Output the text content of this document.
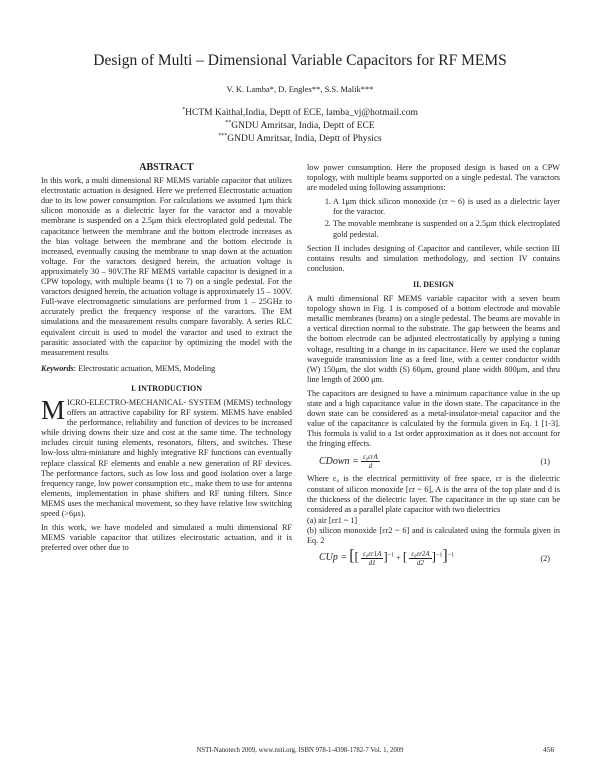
Design of Multi – Dimensional Variable Capacitors for RF MEMS
V. K. Lamba*, D. Engles**, S.S. Malik***
*HCTM Kaithal,India, Deptt of ECE, lamba_vj@hotmail.com
**GNDU Amritsar, India, Deptt of ECE
***GNDU Amritsar, India, Deptt of Physics
ABSTRACT

In this work, a multi dimensional RF MEMS variable capacitor that utilizes electrostatic actuation is designed. Here we preferred Electrostatic actuation due to its low power consumption. For calculations we assumed 1μm thick silicon monoxide as a dielectric layer for the varactor and a movable membrane is suspended on a 2.5μm thick electroplated gold pedestal. The capacitance between the membrane and the bottom electrode increases as the bias voltage between the membrane and the bottom electrode is increased, eventually causing the membrane to snap down at the actuation voltage. For the varactors designed herein, the actuation voltage is approximately 30 – 90V.The RF MEMS variable capacitor is designed in a CPW topology, with multiple beams (1 to 7) on a single pedestal. For the varactors designed herein, the actuation voltage is approximately 15 – 100V. Full-wave electromagnetic simulations are performed from 1 – 25GHz to accurately predict the frequency response of the varactors. The EM simulations and the measurement results compare favorably. A series RLC equivalent circuit is used to model the varactor and used to extract the parasitic associated with the capacitor by optimizing the model with the measurement results

Keywords: Electrostatic actuation, MEMS, Modeling

I. INTRODUCTION

MICRO-ELECTRO-MECHANICAL- SYSTEM (MEMS) technology offers an attractive capability for RF system. MEMS have enabled the performance, reliability and function of devices to be increased while driving downs their size and cost at the same time. The technology includes circuit tuning elements, resonators, filters, and switches. These low-loss ultra-miniature and highly integrative RF functions can eventually replace classical RF elements and enable a new generation of RF devices. The performance factors, such as low loss and good isolation over a large frequency range, low power consumption etc., make them to use for antenna elements, implementation in phase shifters and RF tuning filters. Since MEMS uses the mechanical movement, so they have relative low switching speed (>6μs).

In this work, we have modeled and simulated a multi dimensional RF MEMS variable capacitor that utilizes electrostatic actuation, and it is preferred over other due to

low power consumption. Here the proposed design is based on a CPW topology, with multiple beams supported on a single pedestal. The varactors are modeled using following assumptions:

1. A 1μm thick silicon monoxide (εr ~ 6) is used as a dielectric layer for the varactor.
2. The movable membrane is suspended on a 2.5μm thick electroplated gold pedestal.

Section II includes designing of Capacitor and cantilever, while section III contains results and simulation methodology, and section IV contains conclusion.

II. DESIGN

A multi dimensional RF MEMS variable capacitor with a seven beam topology shown in Fig. 1 is composed of a bottom electrode and movable metallic membranes (beams) on a single pedestal. The beams are movable in a vertical direction normal to the substrate. The gap between the beams and the bottom electrode can be adjusted electrostatically by applying a tuning voltage, resulting in a change in its capacitance. Here we used the coplanar waveguide transmission line as a feed line, with a center conductor width (W) 150μm, the slot width (S) 60μm, ground plane width 800μm, and thru line length of 2000 μm.

The capacitors are designed to have a minimum capacitance value in the up state and a high capacitance value in the down state. The capacitance in the down state can be considered as a metal-insulator-metal capacitor and the value of the capacitance is calculated by the formula given in Eq. 1 [1-3]. This formula is valid to a 1st order approximation as it does not account for the fringing effects.

CDown = $\frac{\text{ε₀εrA}}{d}$	(1)

Where ε₀ is the electrical permittivity of free space, εr is the dielectric constant of silicon monoxide [εr ~ 6], A is the area of the top plate and d is the thickness of the dielectric layer. The capacitance in the up state can be considered as a parallel plate capacitor with two dielectrics

(a) air [εr1 ~ 1]

(b) silicon monoxide [εr2 ~ 6] and is calculated using the formula given in Eq. 2

CUp = [[ $\frac{\text{ε₀εr1A}}{d1} ]^{-1}$ + [ $\frac{\text{ε₀εr2A}}{d2} ]^{-1}]^{-1}$	(2)
NSTI-Nanotech 2009, www.nsti.org, ISBN 978-1-4398-1782-7 Vol. 1, 2009	456
